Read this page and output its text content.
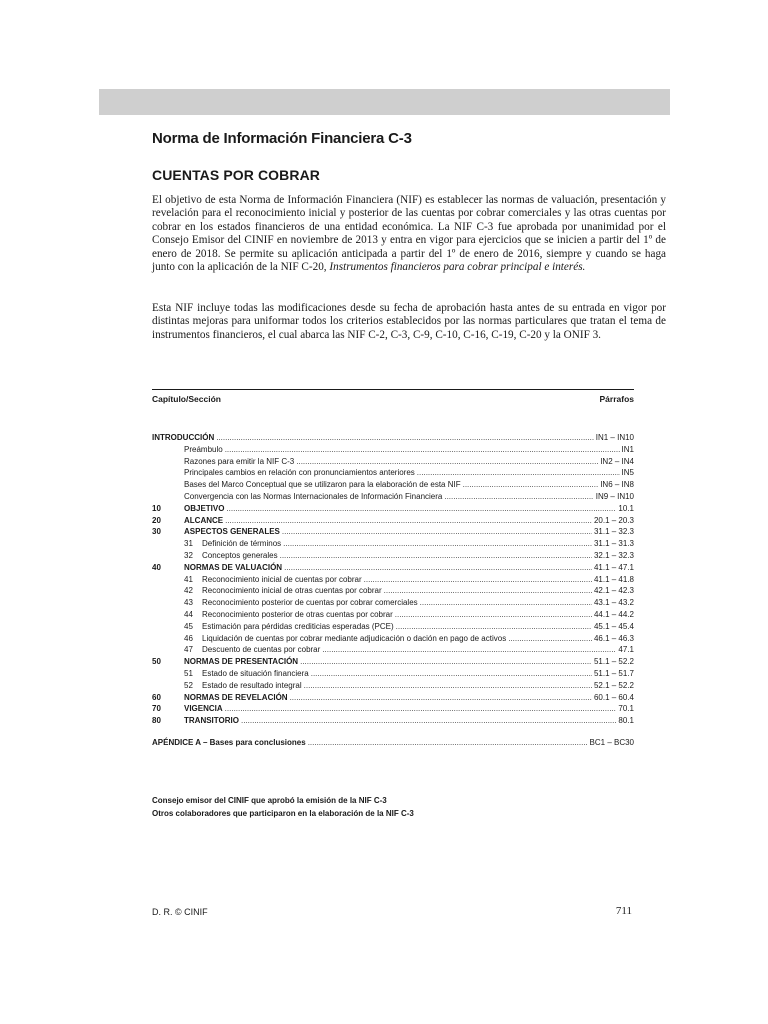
Norma de Información Financiera C-3
CUENTAS POR COBRAR

El objetivo de esta Norma de Información Financiera (NIF) es establecer las normas de valuación, presentación y revelación para el reconocimiento inicial y posterior de las cuentas por cobrar comerciales y las otras cuentas por cobrar en los estados financieros de una entidad económica. La NIF C-3 fue aprobada por unanimidad por el Consejo Emisor del CINIF en noviembre de 2013 y entra en vigor para ejercicios que se inicien a partir del 1º de enero de 2018. Se permite su aplicación anticipada a partir del 1º de enero de 2016, siempre y cuando se haga junto con la aplicación de la NIF C-20, Instrumentos financieros para cobrar principal e interés.

Esta NIF incluye todas las modificaciones desde su fecha de aprobación hasta antes de su entrada en vigor por distintas mejoras para uniformar todos los criterios establecidos por las normas particulares que tratan el tema de instrumentos financieros, el cual abarca las NIF C-2, C-3, C-9, C-10, C-16, C-19, C-20 y la ONIF 3.

Capítulo/Sección	Párrafos
INTRODUCCIÓN .....	IN1 – IN10
Preámbulo .....	IN1
Razones para emitir la NIF C-3 .....	IN2 – IN4
Principales cambios en relación con pronunciamientos anteriores .....	IN5
Bases del Marco Conceptual que se utilizaron para la elaboración de esta NIF .....	IN6 – IN8
Convergencia con las Normas Internacionales de Información Financiera .....	IN9 – IN10
10	OBJETIVO .....	10.1
20	ALCANCE .....	20.1 – 20.3
30	ASPECTOS GENERALES .....	31.1 – 32.3
31 Definición de términos .....	31.1 – 31.3
32 Conceptos generales .....	32.1 – 32.3
40	NORMAS DE VALUACIÓN .....	41.1 – 47.1
41 Reconocimiento inicial de cuentas por cobrar .....	41.1 – 41.8
42 Reconocimiento inicial de otras cuentas por cobrar .....	42.1 – 42.3
43 Reconocimiento posterior de cuentas por cobrar comerciales .....	43.1 – 43.2
44 Reconocimiento posterior de otras cuentas por cobrar .....	44.1 – 44.2
45 Estimación para pérdidas crediticias esperadas (PCE) .....	45.1 – 45.4
46 Liquidación de cuentas por cobrar mediante adjudicación o dación en pago de activos .....	46.1 – 46.3
47 Descuento de cuentas por cobrar .....	47.1
50	NORMAS DE PRESENTACIÓN .....	51.1 – 52.2
51 Estado de situación financiera .....	51.1 – 51.7
52 Estado de resultado integral .....	52.1 – 52.2
60	NORMAS DE REVELACIÓN .....	60.1 – 60.4
70	VIGENCIA .....	70.1
80	TRANSITORIO .....	80.1
APÉNDICE A – Bases para conclusiones .....	BC1 – BC30
Consejo emisor del CINIF que aprobó la emisión de la NIF C-3
Otros colaboradores que participaron en la elaboración de la NIF C-3
D. R. © CINIF	711
